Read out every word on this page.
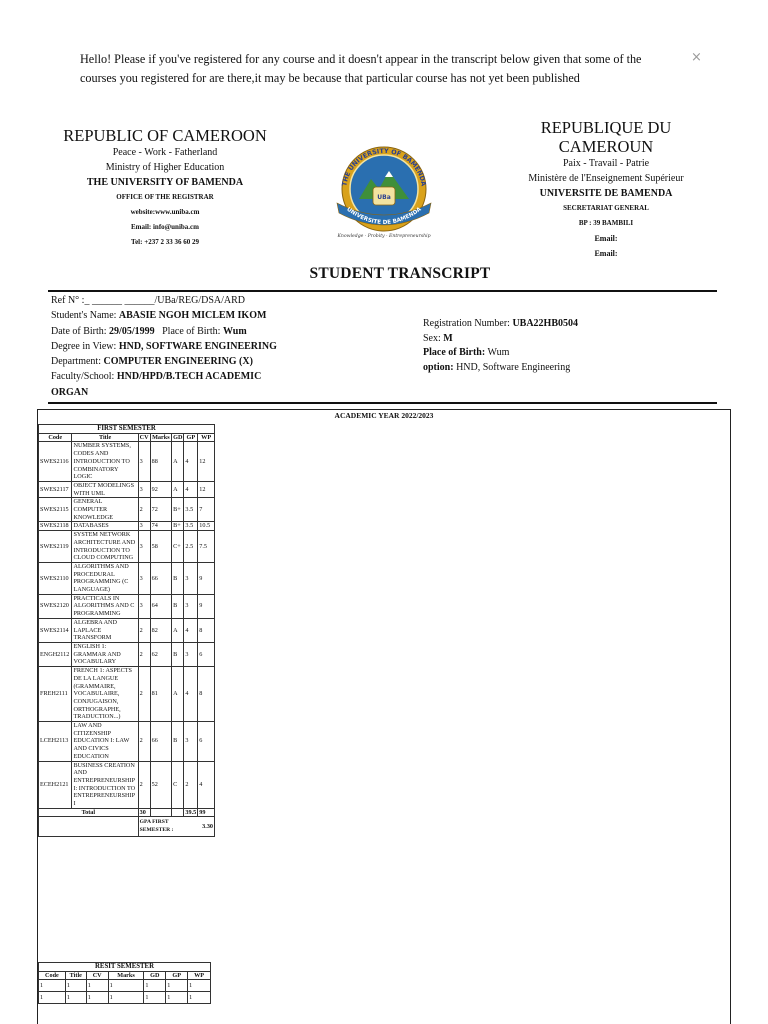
Hello! Please if you've registered for any course and it doesn't appear in the transcript below given that some of the courses you registered for are there,it may be because that particular course has not yet been published
×
REPUBLIC OF CAMEROON
Peace - Work - Fatherland
Ministry of Higher Education
THE UNIVERSITY OF BAMENDA
OFFICE OF THE REGISTRAR
website:www.uniba.cm
Email: info@uniba.cm
Tel: +237 2 33 36 60 29
REPUBLIQUE DU CAMEROUN
Paix - Travail - Patrie
Ministère de l'Enseignement Supérieur
UNIVERSITE DE BAMENDA
SECRETARIAT GENERAL
BP : 39 BAMBILI
Email:
Email:
THE UNIVERSITY OF BAMENDA
UBa
UNIVERSITE DE BAMENDA
Knowledge · Probity · Entrepreneurship
STUDENT TRANSCRIPT
Ref N° :_ ______ ______/UBa/REG/DSA/ARD
Student's Name: ABASIE NGOH MICLEM IKOM
Date of Birth: 29/05/1999 Place of Birth: Wum
Degree in View: HND, SOFTWARE ENGINEERING
Department: COMPUTER ENGINEERING (X)
Faculty/School: HND/HPD/B.TECH ACADEMIC ORGAN
Registration Number: UBA22HB0504
Sex: M
Place of Birth: Wum
option: HND, Software Engineering
ACADEMIC YEAR 2022/2023
FIRST SEMESTER						
Code	Title	CV	Marks	GD	GP	WP
SWES2116	NUMBER SYSTEMS, CODES AND INTRODUCTION TO COMBINATORY LOGIC	3	88	A	4	12
SWES2117	OBJECT MODELINGS WITH UML	3	92	A	4	12
SWES2115	GENERAL COMPUTER KNOWLEDGE	2	72	B+	3.5	7
SWES2118	DATABASES	3	74	B+	3.5	10.5
SWES2119	SYSTEM NETWORK ARCHITECTURE AND INTRODUCTION TO CLOUD COMPUTING	3	58	C+	2.5	7.5
SWES2110	ALGORITHMS AND PROCEDURAL PROGRAMMING (C LANGUAGE)	3	66	B	3	9
SWES2120	PRACTICALS IN ALGORITHMS AND C PROGRAMMING	3	64	B	3	9
SWES2114	ALGEBRA AND LAPLACE TRANSFORM	2	82	A	4	8
ENGH2112	ENGLISH 1: GRAMMAR AND VOCABULARY	2	62	B	3	6
FREH2111	FRENCH 1: ASPECTS DE LA LANGUE (GRAMMAIRE, VOCABULAIRE, CONJUGAISON, ORTHOGRAPHE, TRADUCTION...)	2	81	A	4	8
LCEH2113	LAW AND CITIZENSHIP EDUCATION I: LAW AND CIVICS EDUCATION	2	66	B	3	6
ECEH2121	BUSINESS CREATION AND ENTREPRENEURSHIP I: INTRODUCTION TO ENTREPRENEURSHIP I	2	52	C	2	4
Total		30			39.5	99
		GPA FIRST SEMESTER :				3.30
RESIT SEMESTER						
Code	Title	CV	Marks	GD	GP	WP
1	1	1	1	1	1	1
1	1	1	1	1	1	1
